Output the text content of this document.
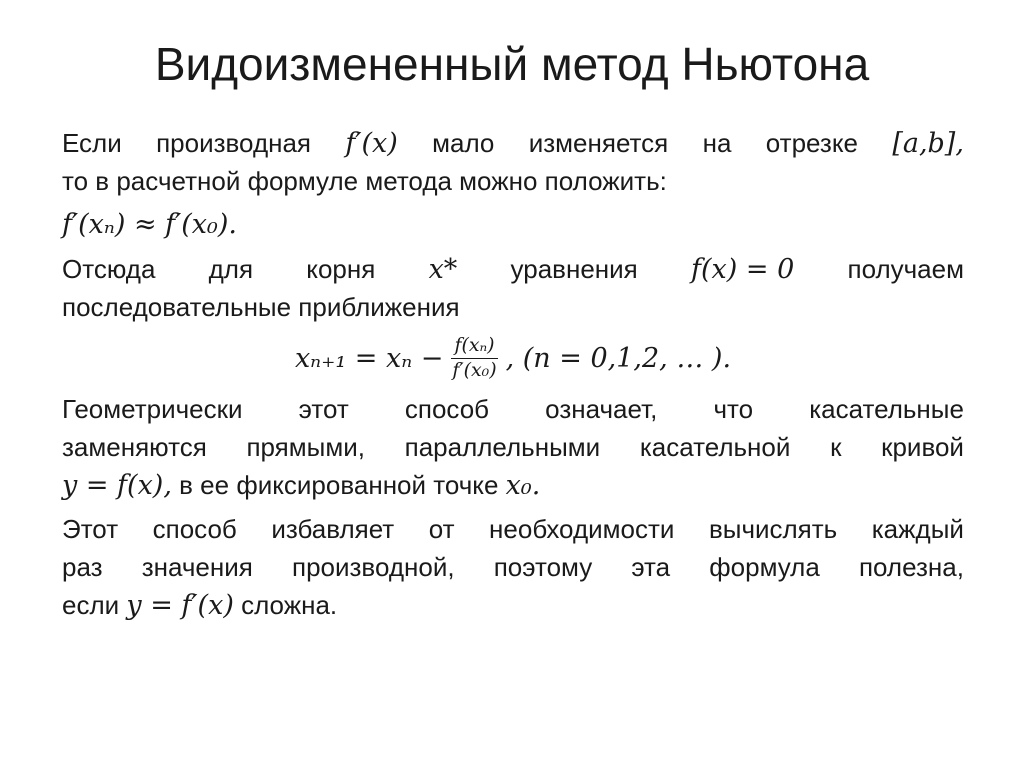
Видоизмененный метод Ньютона
Если производная f′(x) мало изменяется на отрезке [a,b],
то в расчетной формуле метода можно положить:
f′(xₙ) ≈ f′(x₀).
Отсюда для корня x* уравнения f(x) = 0 получаем
последовательные приближения
$x_{n+1} = x_n - \frac{\text{f(xₙ)}}{\text{f′(x₀)}}$ , (n = 0,1,2, … ).
Геометрически этот способ означает, что касательные
заменяются прямыми, параллельными касательной к кривой
y = f(x), в ее фиксированной точке x₀.
Этот способ избавляет от необходимости вычислять каждый
раз значения производной, поэтому эта формула полезна,
если y = f′(x) сложна.
